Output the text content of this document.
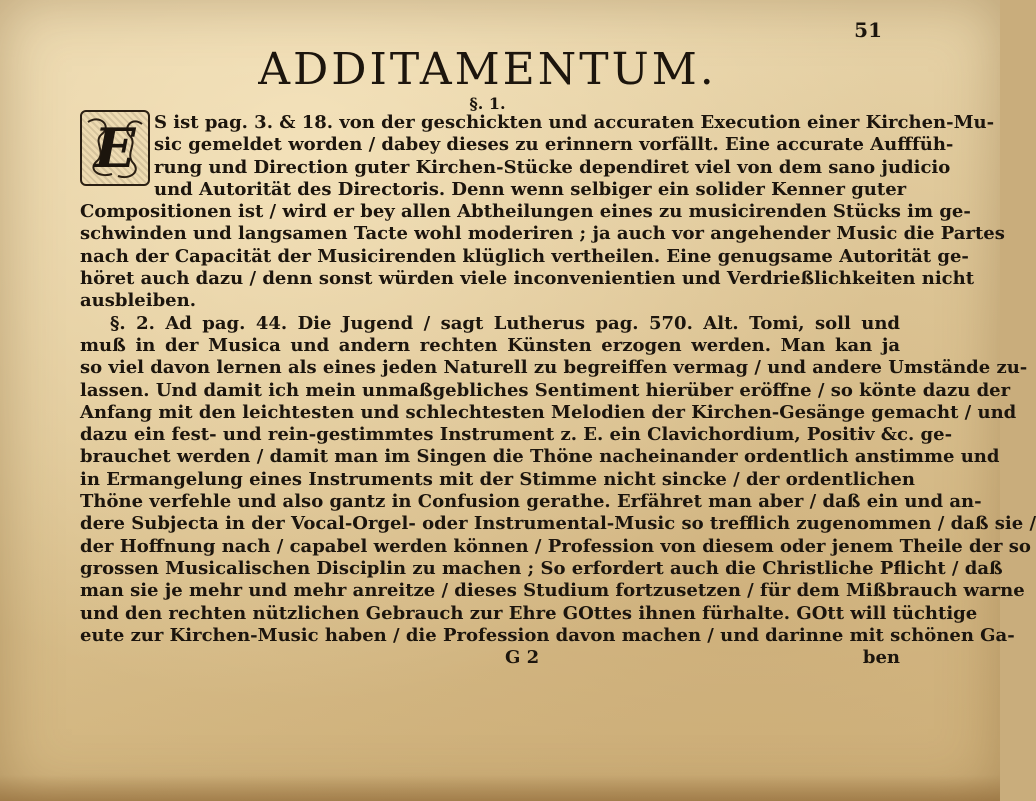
51
ADDITAMENTUM.
§. 1.
E	S ist pag. 3. & 18. von der geschickten und accuraten Execution einer Kirchen-Mu-
sic gemeldet worden / dabey dieses zu erinnern vorfällt. Eine accurate Aufffüh-
rung und Direction guter Kirchen-Stücke dependiret viel von dem sano judicio
und Autorität des Directoris. Denn wenn selbiger ein solider Kenner guter
Compositionen ist / wird er bey allen Abtheilungen eines zu musicirenden Stücks im ge-
schwinden und langsamen Tacte wohl moderiren ; ja auch vor angehender Music die Partes
nach der Capacität der Musicirenden klüglich vertheilen. Eine genugsame Autorität ge-
höret auch dazu / denn sonst würden viele inconvenientien und Verdrießlichkeiten nicht
ausbleiben.
§. 2. Ad pag. 44. Die Jugend / sagt Lutherus pag. 570. Alt. Tomi, soll und
muß in der Musica und andern rechten Künsten erzogen werden. Man kan ja
so viel davon lernen als eines jeden Naturell zu begreiffen vermag / und andere Umstände zu-
lassen. Und damit ich mein unmaßgebliches Sentiment hierüber eröffne / so könte dazu der
Anfang mit den leichtesten und schlechtesten Melodien der Kirchen-Gesänge gemacht / und
dazu ein fest- und rein-gestimmtes Instrument z. E. ein Clavichordium, Positiv &c. ge-
brauchet werden / damit man im Singen die Thöne nacheinander ordentlich anstimme und
in Ermangelung eines Instruments mit der Stimme nicht sincke / der ordentlichen
Thöne verfehle und also gantz in Confusion gerathe. Erfähret man aber / daß ein und an-
dere Subjecta in der Vocal-Orgel- oder Instrumental-Music so trefflich zugenommen / daß sie /
der Hoffnung nach / capabel werden können / Profession von diesem oder jenem Theile der so
grossen Musicalischen Disciplin zu machen ; So erfordert auch die Christliche Pflicht / daß
man sie je mehr und mehr anreitze / dieses Studium fortzusetzen / für dem Mißbrauch warne
und den rechten nützlichen Gebrauch zur Ehre GOttes ihnen fürhalte. GOtt will tüchtige
eute zur Kirchen-Music haben / die Profession davon machen / und darinne mit schönen Ga-
G 2	ben
